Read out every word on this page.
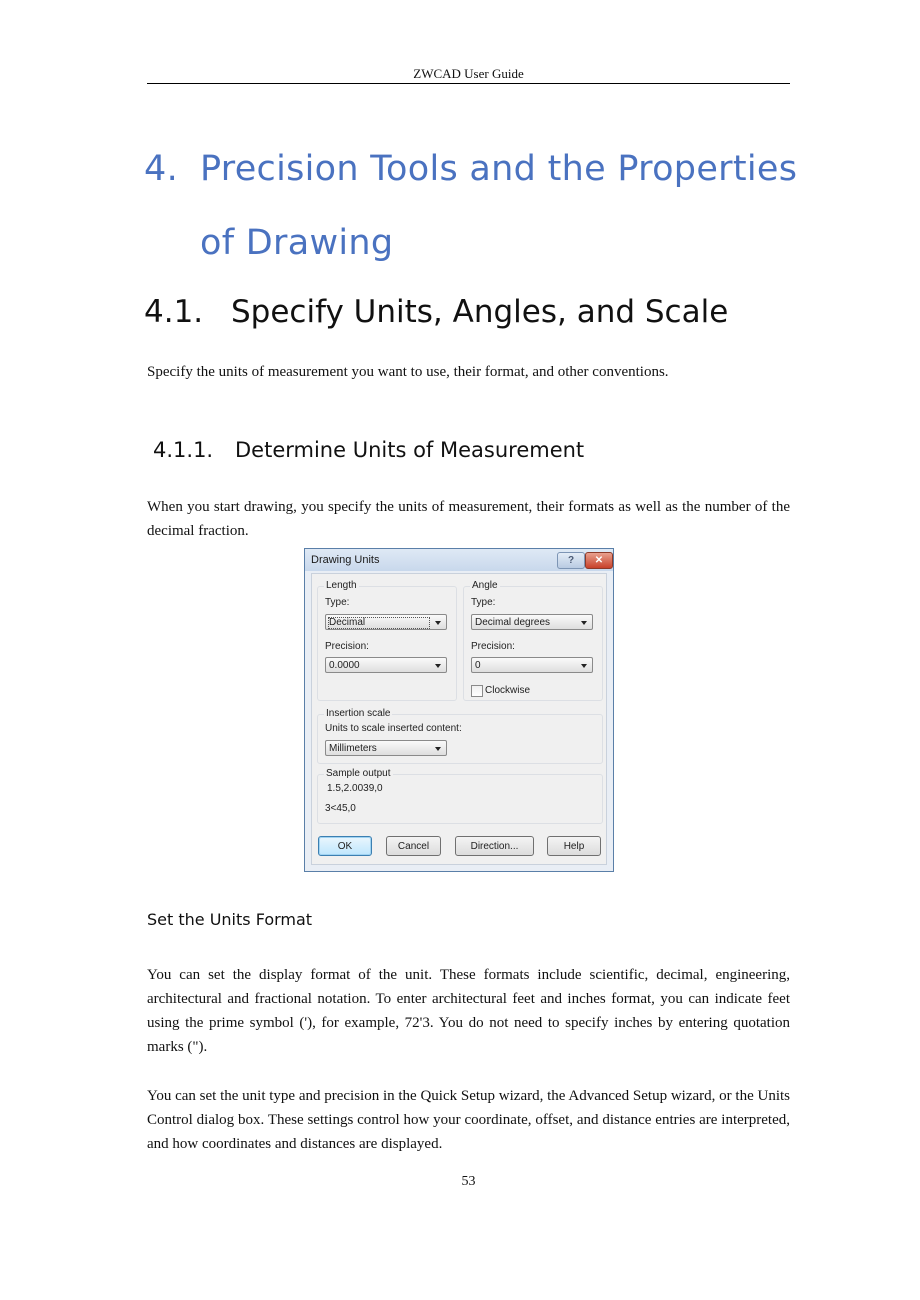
ZWCAD User Guide
4. Precision Tools and the Properties of Drawing
4.1. Specify Units, Angles, and Scale
Specify the units of measurement you want to use, their format, and other conventions.
4.1.1. Determine Units of Measurement
When you start drawing, you specify the units of measurement, their formats as well as the number of the decimal fraction.
Drawing Units	?	✕
Length
Type:
Decimal
Precision:
0.0000
Angle
Type:
Decimal degrees
Precision:
0
Clockwise
Insertion scale
Units to scale inserted content:
Millimeters
Sample output
1.5,2.0039,0
3<45,0
OK	Cancel	Direction...	Help
Set the Units Format
You can set the display format of the unit. These formats include scientific, decimal, engineering, architectural and fractional notation. To enter architectural feet and inches format, you can indicate feet using the prime symbol ('), for example, 72'3. You do not need to specify inches by entering quotation marks (").
You can set the unit type and precision in the Quick Setup wizard, the Advanced Setup wizard, or the Units Control dialog box. These settings control how your coordinate, offset, and distance entries are interpreted, and how coordinates and distances are displayed.
53
